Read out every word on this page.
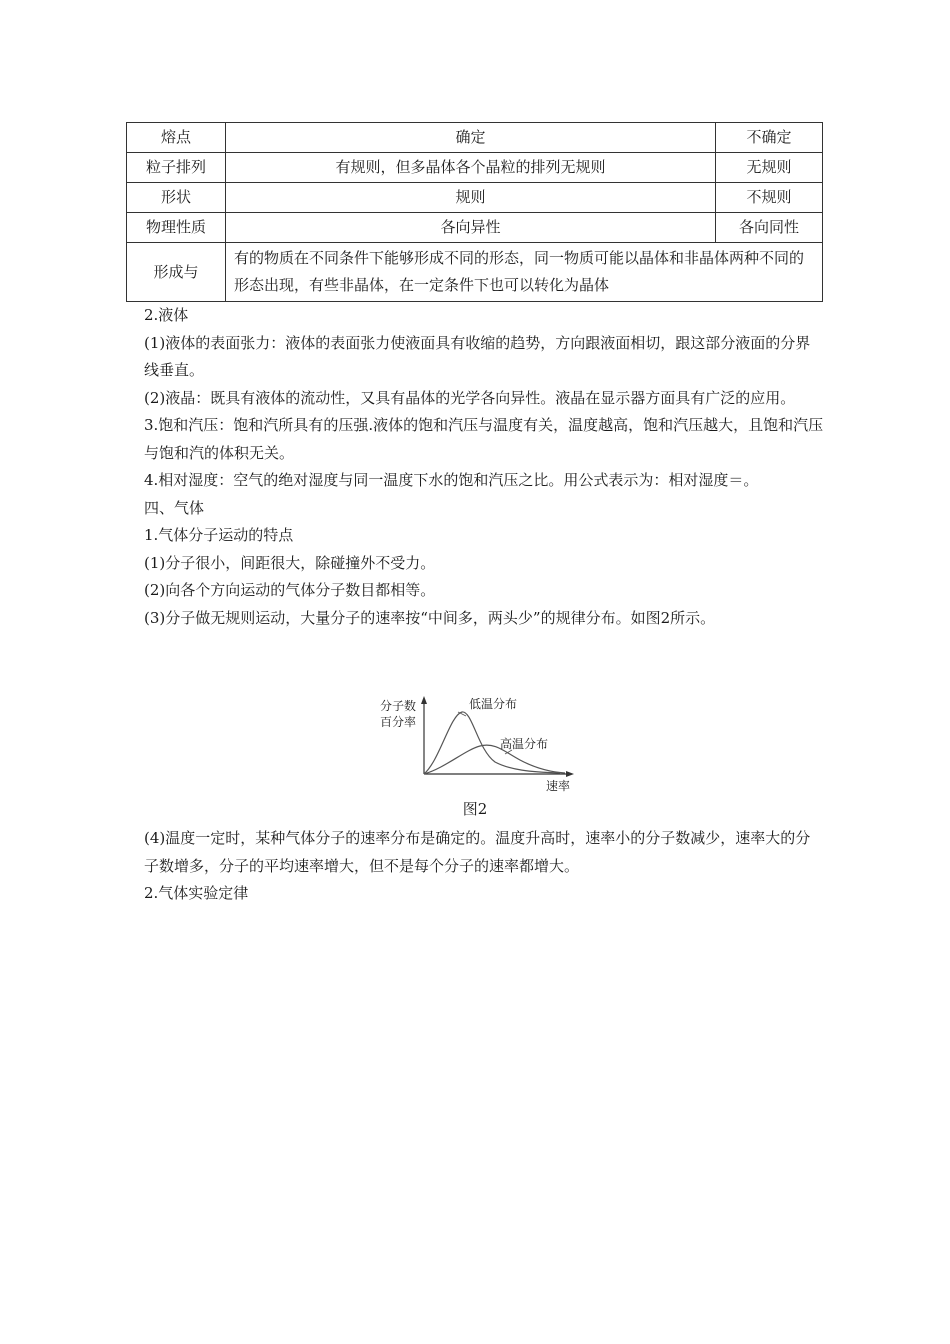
熔点	确定	不确定
粒子排列	有规则，但多晶体各个晶粒的排列无规则	无规则
形状	规则	不规则
物理性质	各向异性	各向同性
形成与	有的物质在不同条件下能够形成不同的形态，同一物质可能以晶体和非晶体两种不同的形态出现，有些非晶体，在一定条件下也可以转化为晶体	

2.液体

(1)液体的表面张力：液体的表面张力使液面具有收缩的趋势，方向跟液面相切，跟这部分液面的分界线垂直。

(2)液晶：既具有液体的流动性，又具有晶体的光学各向异性。液晶在显示器方面具有广泛的应用。

3.饱和汽压：饱和汽所具有的压强.液体的饱和汽压与温度有关，温度越高，饱和汽压越大，且饱和汽压与饱和汽的体积无关。

4.相对湿度：空气的绝对湿度与同一温度下水的饱和汽压之比。用公式表示为：相对湿度＝。

四、气体

1.气体分子运动的特点

(1)分子很小，间距很大，除碰撞外不受力。

(2)向各个方向运动的气体分子数目都相等。

(3)分子做无规则运动，大量分子的速率按“中间多，两头少”的规律分布。如图2所示。

分子数
百分率
低温分布
高温分布
速率
图2

(4)温度一定时，某种气体分子的速率分布是确定的。温度升高时，速率小的分子数减少，速率大的分子数增多，分子的平均速率增大，但不是每个分子的速率都增大。

2.气体实验定律
